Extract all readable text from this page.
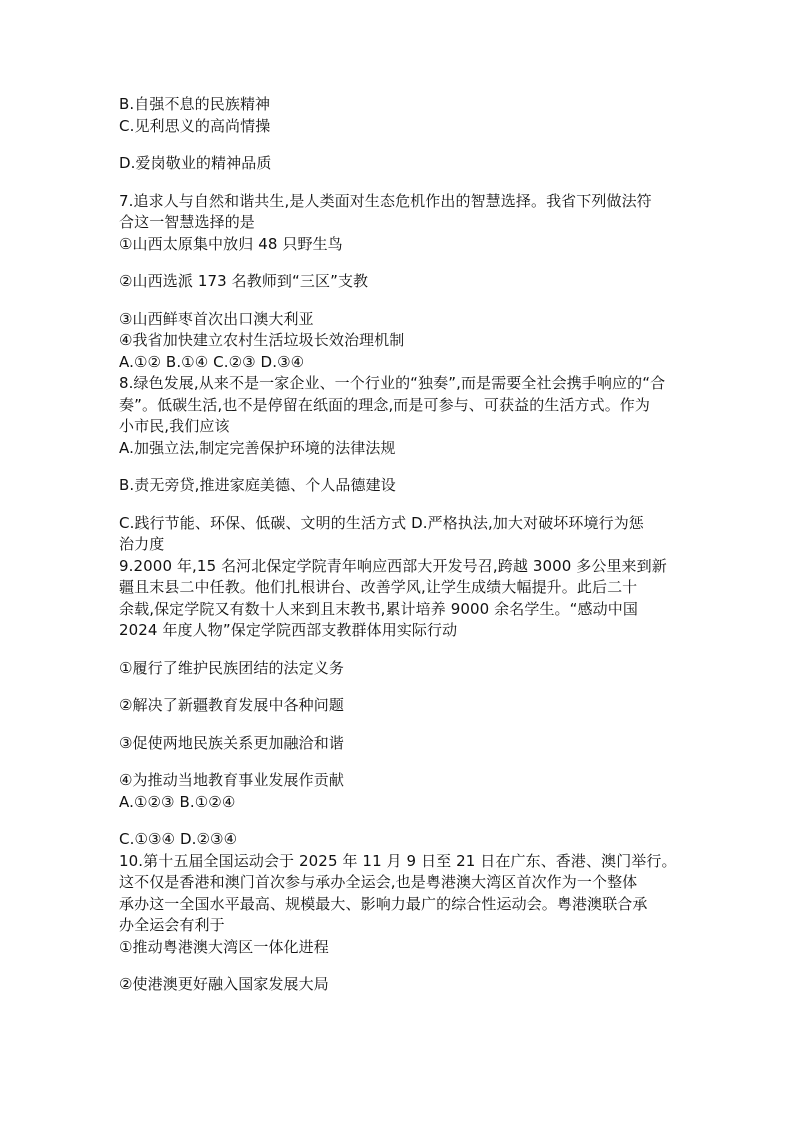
B.自强不息的民族精神
C.见利思义的高尚情操
D.爱岗敬业的精神品质
7.追求人与自然和谐共生,是人类面对生态危机作出的智慧选择。我省下列做法符
合这一智慧选择的是
①山西太原集中放归 48 只野生鸟
②山西选派 173 名教师到“三区”支教
③山西鲜枣首次出口澳大利亚
④我省加快建立农村生活垃圾长效治理机制
A.①② B.①④ C.②③ D.③④
8.绿色发展,从来不是一家企业、一个行业的“独奏”,而是需要全社会携手响应的“合
奏”。低碳生活,也不是停留在纸面的理念,而是可参与、可获益的生活方式。作为
小市民,我们应该
A.加强立法,制定完善保护环境的法律法规
B.责无旁贷,推进家庭美德、个人品德建设
C.践行节能、环保、低碳、文明的生活方式 D.严格执法,加大对破坏环境行为惩
治力度
9.2000 年,15 名河北保定学院青年响应西部大开发号召,跨越 3000 多公里来到新
疆且末县二中任教。他们扎根讲台、改善学风,让学生成绩大幅提升。此后二十
余载,保定学院又有数十人来到且末教书,累计培养 9000 余名学生。“感动中国
2024 年度人物”保定学院西部支教群体用实际行动
①履行了维护民族团结的法定义务
②解决了新疆教育发展中各种问题
③促使两地民族关系更加融洽和谐
④为推动当地教育事业发展作贡献
A.①②③ B.①②④
C.①③④ D.②③④
10.第十五届全国运动会于 2025 年 11 月 9 日至 21 日在广东、香港、澳门举行。
这不仅是香港和澳门首次参与承办全运会,也是粤港澳大湾区首次作为一个整体
承办这一全国水平最高、规模最大、影响力最广的综合性运动会。粤港澳联合承
办全运会有利于
①推动粤港澳大湾区一体化进程
②使港澳更好融入国家发展大局
